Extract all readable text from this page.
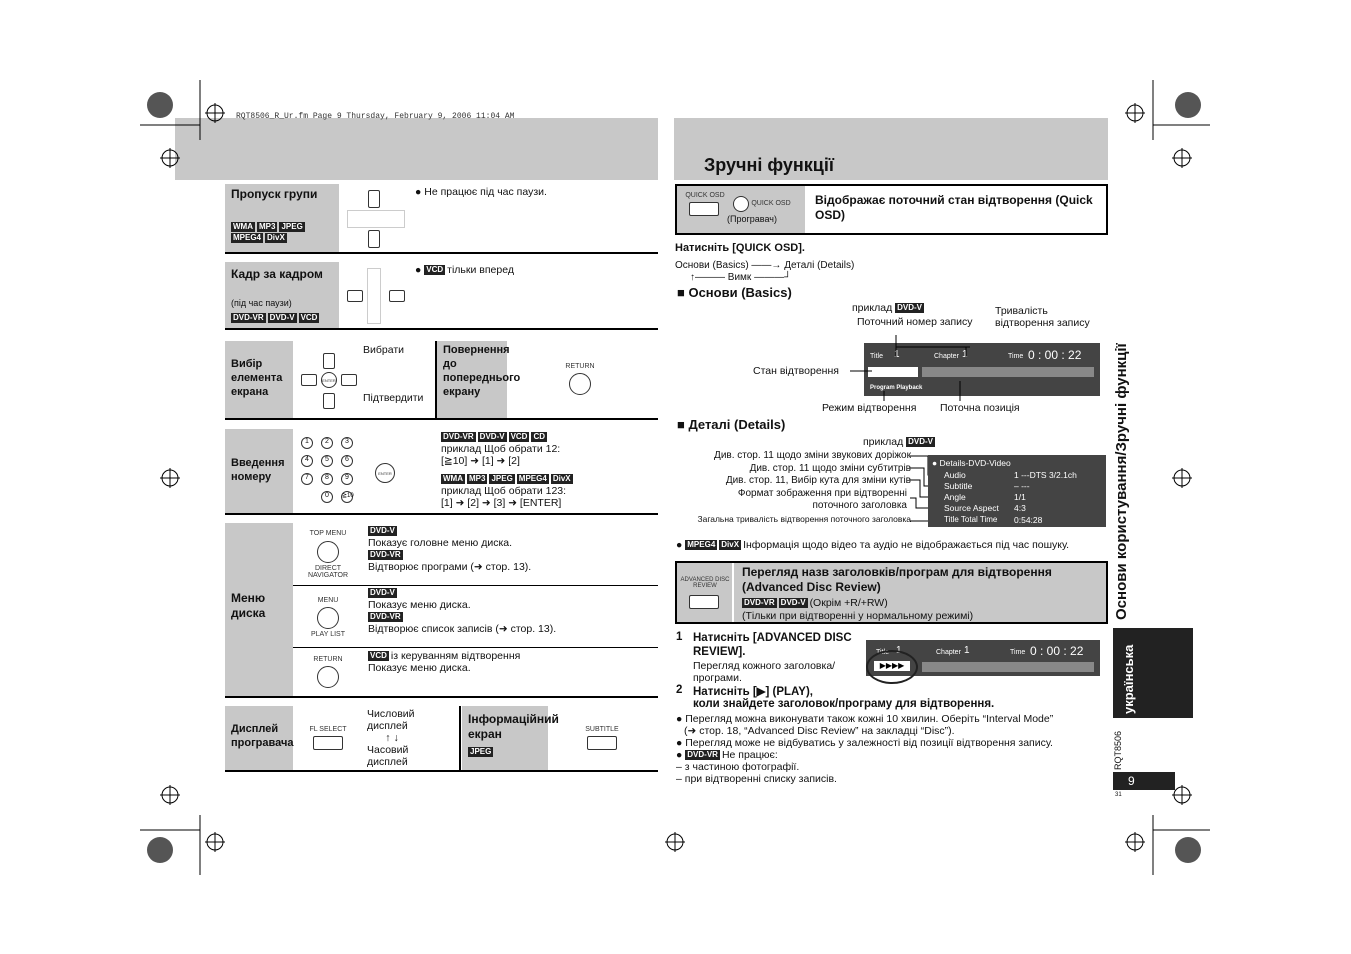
RQT8506_R_Ur.fm Page 9 Thursday, February 9, 2006 11:04 AM
Зручні функції
Пропуск групи
WMA MP3 JPEG
MPEG4 DivX
● Не працює під час паузи.
Кадр за кадром
(під час паузи)
DVD-VR DVD-V VCD
● VCD тільки вперед
Вибір елемента екрана
ENTER
Вибрати
Підтвердити
Повернення до попереднього екрану
RETURN
Введення номеру
1	2	3
4	5	6
7	8	9
0	≧10
ENTER
DVD-VR DVD-V VCD CD
приклад Щоб обрати 12:
[≧10] ➜ [1] ➜ [2]
WMA MP3 JPEG MPEG4 DivX
приклад Щоб обрати 123:
[1] ➜ [2] ➜ [3] ➜ [ENTER]
Меню диска
TOP MENU
DIRECT NAVIGATOR
DVD-V
Показує головне меню диска.
DVD-VR
Відтворює програми (➜ стор. 13).
MENU
PLAY LIST
DVD-V
Показує меню диска.
DVD-VR
Відтворює список записів (➜ стор. 13).
RETURN	VCD із керуванням відтворення
Показує меню диска.
Дисплей програвача
FL SELECT
Числовий дисплей
↑ ↓
Часовий дисплей
Інформаційний екран
JPEG
SUBTITLE
QUICK OSD
QUICK OSD
(Програвач)
Відображає поточний стан відтворення (Quick OSD)
Натисніть [QUICK OSD].
Основи (Basics) ——→ Деталі (Details)
↑——— Вимк ———┘
■ Основи (Basics)
приклад DVD-V
Поточний номер запису
Тривалість відтворення запису
Стан відтворення
Режим відтворення Поточна позиція
Title 1	Chapter 1	Time 0 : 00 : 22
Program Playback
■ Деталі (Details)
приклад DVD-V
Див. стор. 11 щодо зміни звукових доріжок
Див. стор. 11 щодо зміни субтитрів
Див. стор. 11, Вибір кута для зміни кутів
Формат зображення при відтворенні поточного заголовка
Загальна тривалість відтворення поточного заголовка
● Details-DVD-Video
Audio	1 ---DTS 3/2.1ch
Subtitle	– ---
Angle	1/1
Source Aspect 4:3
Title Total Time 0:54:28
● MPEG4 DivX Інформація щодо відео та аудіо не відображається під час пошуку.
ADVANCED DISC REVIEW
Перегляд назв заголовків/програм для відтворення (Advanced Disc Review)
DVD-VR DVD-V (Окрім +R/+RW)
(Тільки при відтворенні у нормальному режимі)
1 Натисніть [ADVANCED DISC REVIEW].
Перегляд кожного заголовка/програми.
2 Натисніть [▶] (PLAY),
коли знайдете заголовок/програму для відтворення.
Title 1	Chapter 1	Time 0 : 00 : 22
▶▶▶▶
● Перегляд можна виконувати також кожні 10 хвилин. Оберіть “Interval Mode”
(➜ стор. 18, “Advanced Disc Review” на закладці “Disc”).
● Перегляд може не відбуватись у залежності від позиції відтворення запису.
● DVD-VR Не працює:
– з частиною фотографії.
– при відтворенні списку записів.
Основи користування/Зручні функції
українська
RQT8506
9
31
